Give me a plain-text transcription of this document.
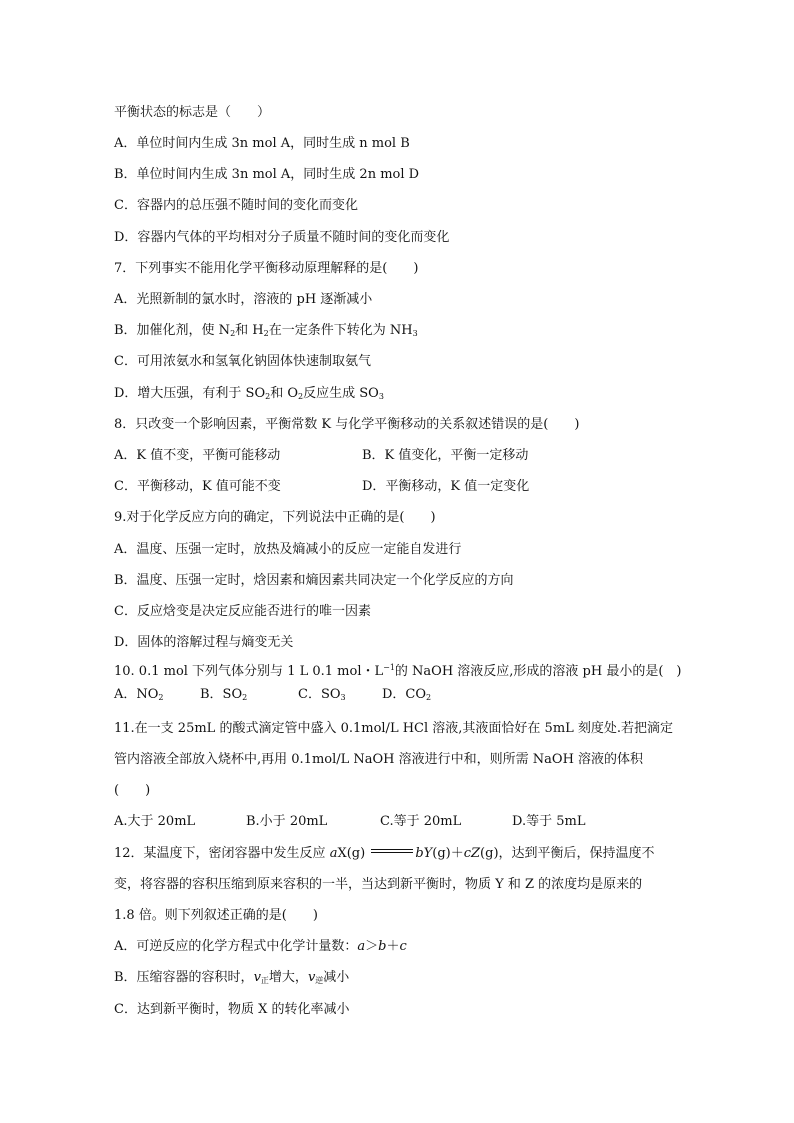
平衡状态的标志是（　　）
A．单位时间内生成 3n mol A，同时生成 n mol B
B．单位时间内生成 3n mol A，同时生成 2n mol D
C．容器内的总压强不随时间的变化而变化
D．容器内气体的平均相对分子质量不随时间的变化而变化
7．下列事实不能用化学平衡移动原理解释的是(　　)
A．光照新制的氯水时，溶液的 pH 逐渐减小
B．加催化剂，使 $N_2$和 $H_2$在一定条件下转化为 $NH_3$
C．可用浓氨水和氢氧化钠固体快速制取氨气
D．增大压强，有利于 $SO_2$和 $O_2$反应生成 $SO_3$
8．只改变一个影响因素，平衡常数 K 与化学平衡移动的关系叙述错误的是(　　)
A．K 值不变，平衡可能移动	B．K 值变化，平衡一定移动
C．平衡移动，K 值可能不变	D．平衡移动，K 值一定变化
9.对于化学反应方向的确定，下列说法中正确的是(　　)
A．温度、压强一定时，放热及熵减小的反应一定能自发进行
B．温度、压强一定时，焓因素和熵因素共同决定一个化学反应的方向
C．反应焓变是决定反应能否进行的唯一因素
D．固体的溶解过程与熵变无关
10. 0.1 mol 下列气体分别与 1 L 0.1 mol・$L^{-1}$的 NaOH 溶液反应,形成的溶液 pH 最小的是(　)
A．$NO_2$	B．$SO_2$	C．$SO_3$	D．$CO_2$
11.在一支 25mL 的酸式滴定管中盛入 0.1mol/L HCl 溶液,其液面恰好在 5mL 刻度处.若把滴定
管内溶液全部放入烧杯中,再用 0.1mol/L NaOH 溶液进行中和，则所需 NaOH 溶液的体积
(　　)
A.大于 20mL	B.小于 20mL	C.等于 20mL	D.等于 5mL
12．某温度下，密闭容器中发生反应 aX(g)	bY(g)＋cZ(g)，达到平衡后，保持温度不
变，将容器的容积压缩到原来容积的一半，当达到新平衡时，物质 Y 和 Z 的浓度均是原来的
1.8 倍。则下列叙述正确的是(　　)
A．可逆反应的化学方程式中化学计量数：a＞b＋c
B．压缩容器的容积时，$v_正$增大，$v_逆$减小
C．达到新平衡时，物质 X 的转化率减小
